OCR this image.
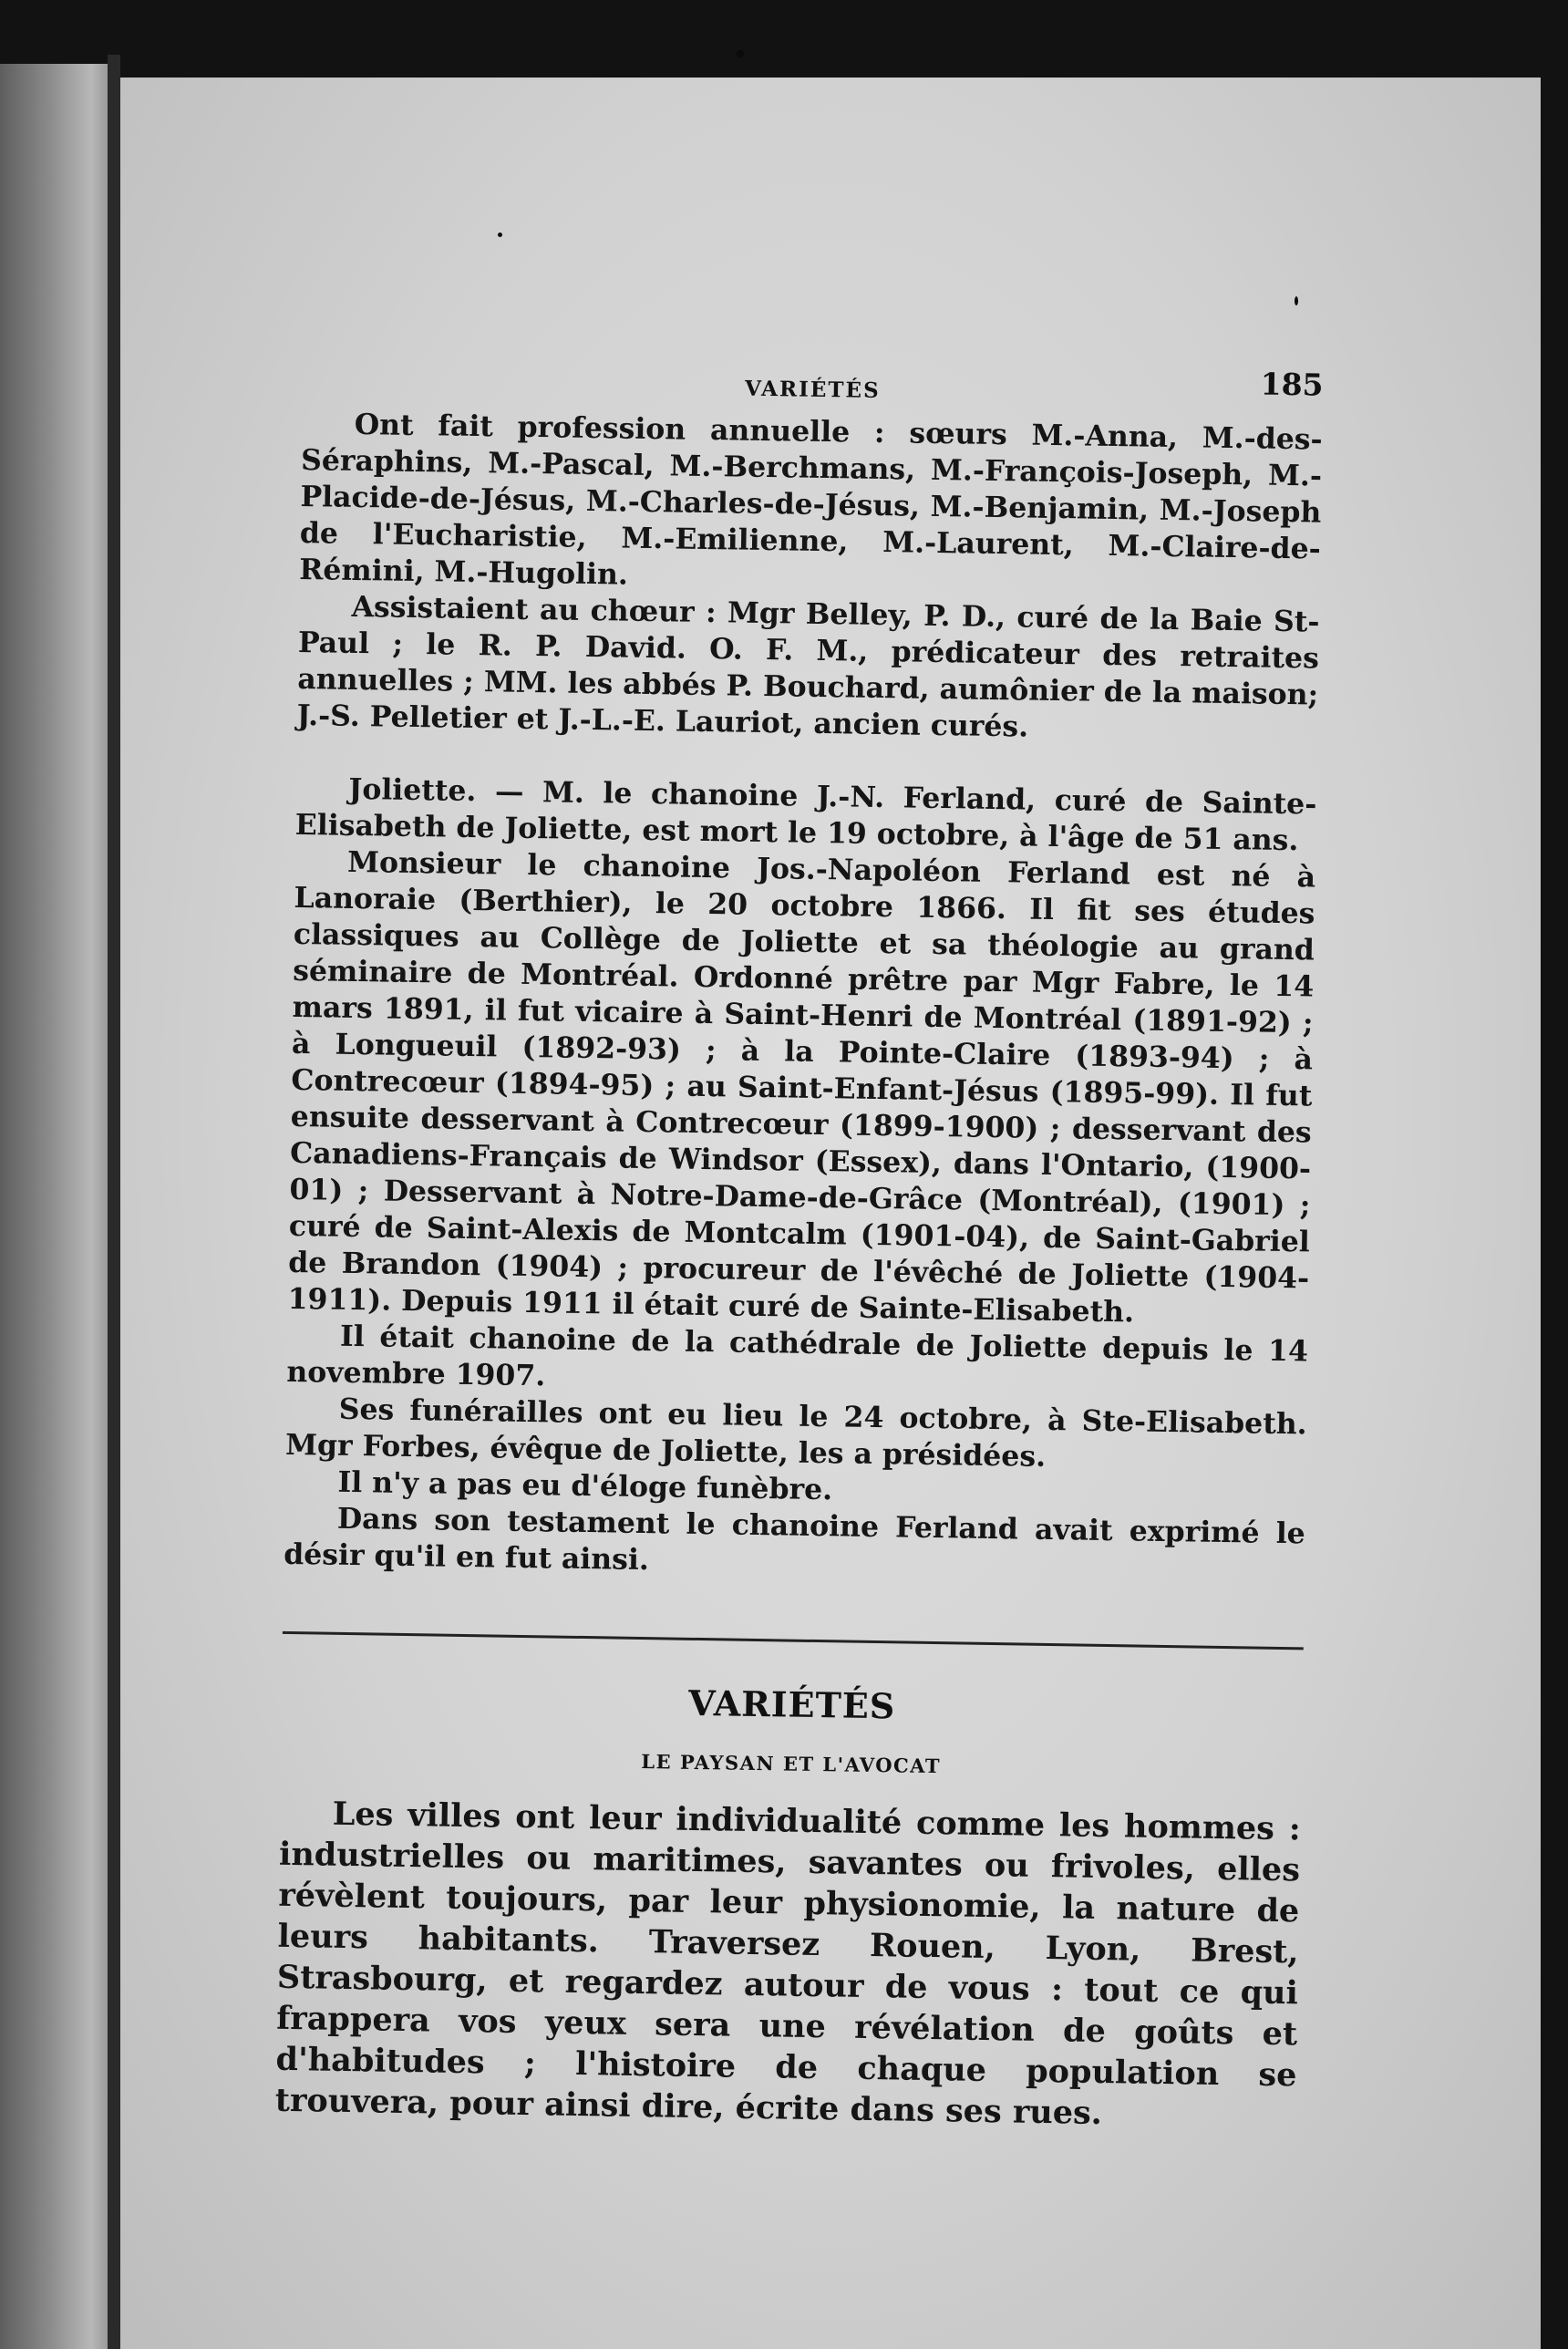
VARIÉTÉS	185

Ont fait profession annuelle : sœurs M.-Anna, M.-des-Séraphins, M.-Pascal, M.-Berchmans, M.-François-Joseph, M.-Placide-de-Jésus, M.-Charles-de-Jésus, M.-Benjamin, M.-Joseph de l'Eucharistie, M.-Emilienne, M.-Laurent, M.-Claire-de-Rémini, M.-Hugolin.

Assistaient au chœur : Mgr Belley, P. D., curé de la Baie St-Paul ; le R. P. David. O. F. M., prédicateur des retraites annuelles ; MM. les abbés P. Bouchard, aumônier de la maison; J.-S. Pelletier et J.-L.-E. Lauriot, ancien curés.

Joliette. — M. le chanoine J.-N. Ferland, curé de Sainte-Elisabeth de Joliette, est mort le 19 octobre, à l'âge de 51 ans.

Monsieur le chanoine Jos.-Napoléon Ferland est né à Lanoraie (Berthier), le 20 octobre 1866. Il fit ses études classiques au Collège de Joliette et sa théologie au grand séminaire de Montréal. Ordonné prêtre par Mgr Fabre, le 14 mars 1891, il fut vicaire à Saint-Henri de Montréal (1891-92) ; à Longueuil (1892-93) ; à la Pointe-Claire (1893-94) ; à Contrecœur (1894-95) ; au Saint-Enfant-Jésus (1895-99). Il fut ensuite desservant à Contrecœur (1899-1900) ; desservant des Canadiens-Français de Windsor (Essex), dans l'Ontario, (1900-01) ; Desservant à Notre-Dame-de-Grâce (Montréal), (1901) ; curé de Saint-Alexis de Montcalm (1901-04), de Saint-Gabriel de Brandon (1904) ; procureur de l'évêché de Joliette (1904-1911). Depuis 1911 il était curé de Sainte-Elisabeth.

Il était chanoine de la cathédrale de Joliette depuis le 14 novembre 1907.

Ses funérailles ont eu lieu le 24 octobre, à Ste-Elisabeth. Mgr Forbes, évêque de Joliette, les a présidées.

Il n'y a pas eu d'éloge funèbre.

Dans son testament le chanoine Ferland avait exprimé le désir qu'il en fut ainsi.

VARIÉTÉS
LE PAYSAN ET L'AVOCAT

Les villes ont leur individualité comme les hommes : industrielles ou maritimes, savantes ou frivoles, elles révèlent toujours, par leur physionomie, la nature de leurs habitants. Traversez Rouen, Lyon, Brest, Strasbourg, et regardez autour de vous : tout ce qui frappera vos yeux sera une révélation de goûts et d'habitudes ; l'histoire de chaque population se trouvera, pour ainsi dire, écrite dans ses rues.
